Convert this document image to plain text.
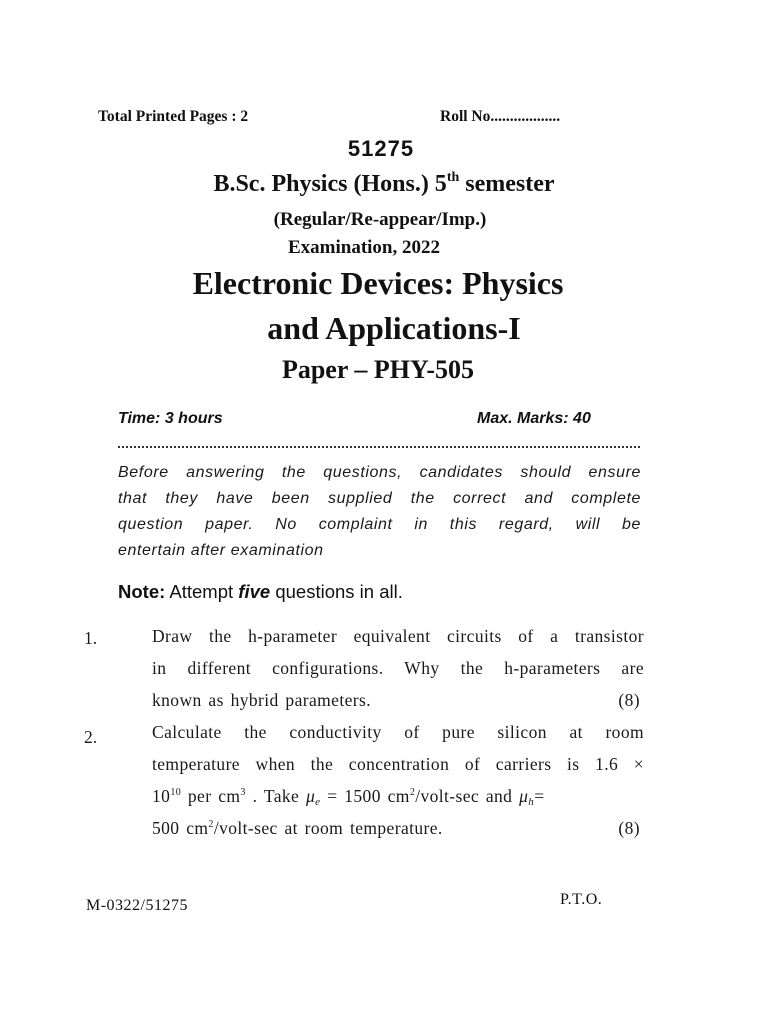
Total Printed Pages : 2	Roll No..................
51275
B.Sc. Physics (Hons.) 5th semester
(Regular/Re-appear/Imp.)
Examination, 2022
Electronic Devices: Physics
and Applications-I
Paper – PHY-505
Time: 3 hours	Max. Marks: 40
Before answering the questions, candidates should ensure
that they have been supplied the correct and complete
question paper. No complaint in this regard, will be
entertain after examination
Note: Attempt five questions in all.
1.	Draw the h-parameter equivalent circuits of a transistor
in different configurations. Why the h-parameters are
known as hybrid parameters.	(8)
2.	Calculate the conductivity of pure silicon at room
temperature when the concentration of carriers is 1.6 ×
$10^{10}$ per $cm^3$ . Take $\mu_e = 1500$ $cm^2/volt-\sec$ and $\mu_h=$
500 $cm^2/volt-\sec$ at room temperature.	(8)
M-0322/51275	P.T.O.
